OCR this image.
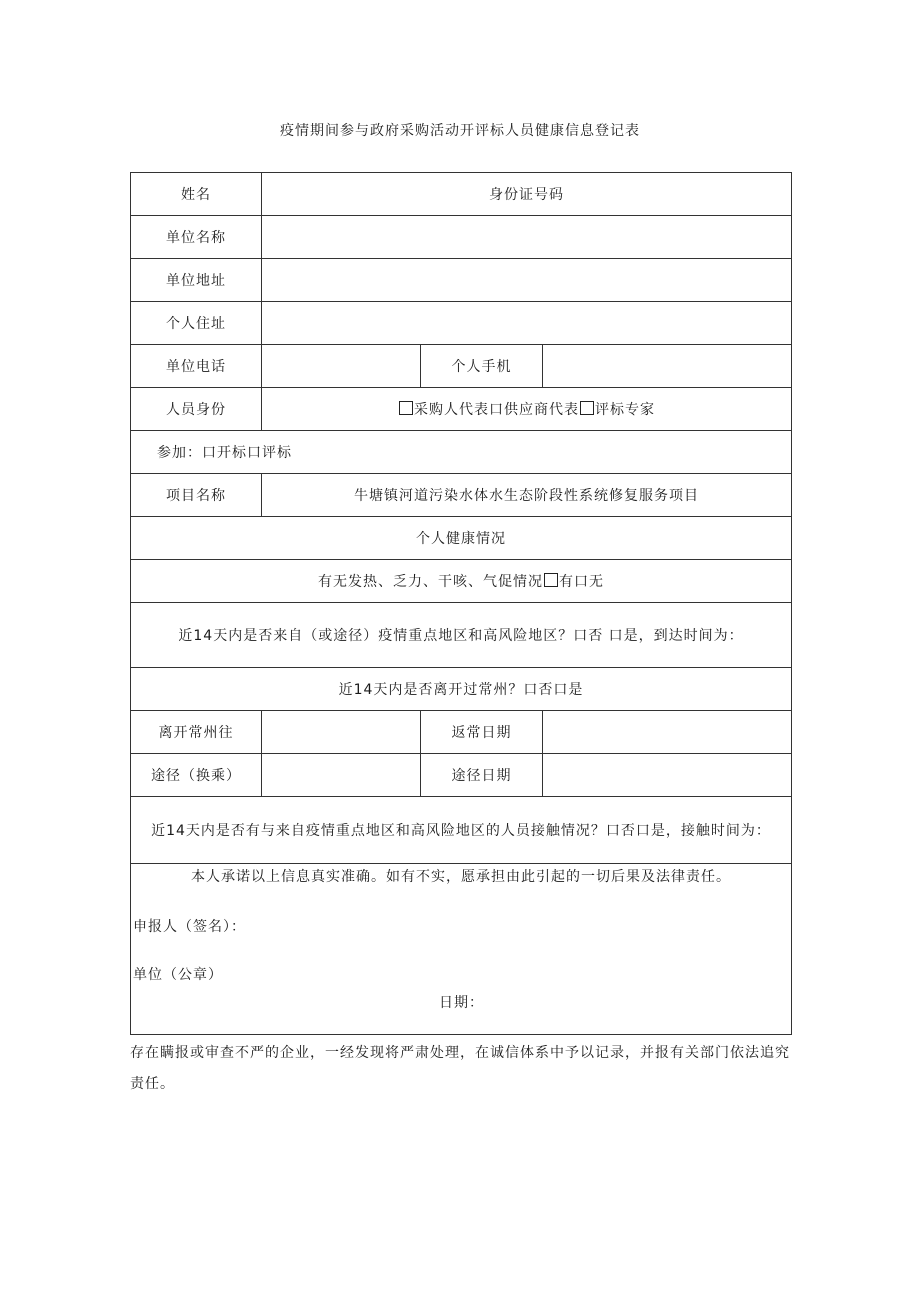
疫情期间参与政府采购活动开评标人员健康信息登记表
姓名	身份证号码		
单位名称			
单位地址			
个人住址			
单位电话		个人手机	
人员身份	采购人代表口供应商代表 评标专家		
参加：口开标口评标			
项目名称	牛塘镇河道污染水体水生态阶段性系统修复服务项目		
个人健康情况			
有无发热、乏力、干咳、气促情况 有口无			
近14天内是否来自（或途径）疫情重点地区和高风险地区？口否 口是，到达时间为：			
近14天内是否离开过常州？口否口是			
离开常州往		返常日期	
途径（换乘）		途径日期	
近14天内是否有与来自疫情重点地区和高风险地区的人员接触情况？口否口是，接触时间为：			

本人承诺以上信息真实准确。如有不实，愿承担由此引起的一切后果及法律责任。
申报人（签名）：
单位（公章）
日期：			
存在瞒报或审查不严的企业，一经发现将严肃处理，在诚信体系中予以记录，并报有关部门依法追究责任。
